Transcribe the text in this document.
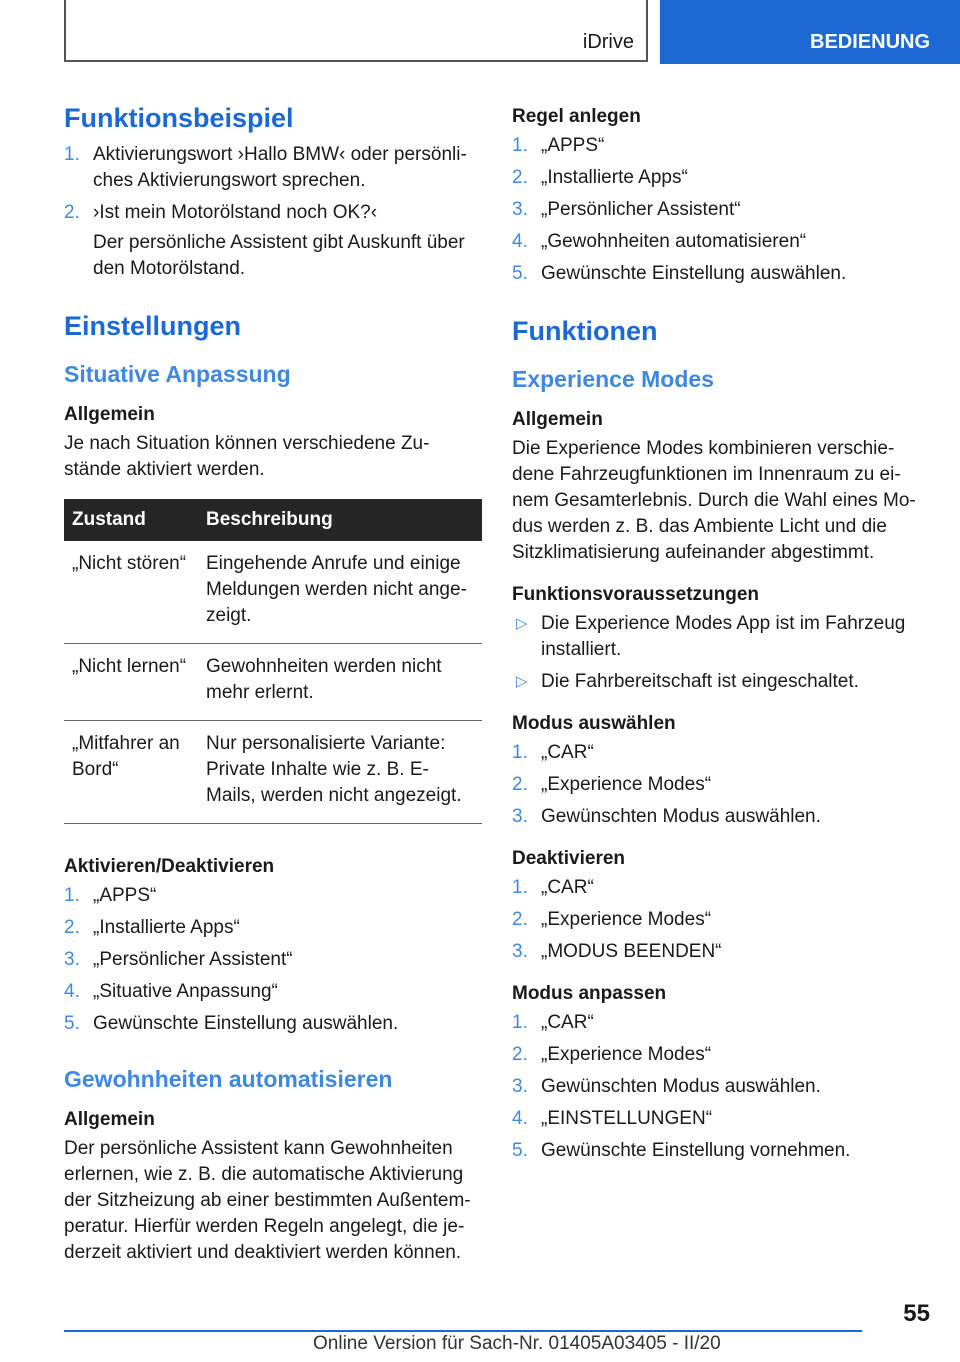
iDrive	BEDIENUNG
Funktionsbeispiel
1. Aktivierungswort ›Hallo BMW‹ oder persönli‐ ches Aktivierungswort sprechen.
2. ›Ist mein Motorölstand noch OK?‹
Der persönliche Assistent gibt Auskunft über den Motorölstand.
Einstellungen
Situative Anpassung
Allgemein

Je nach Situation können verschiedene Zu‐ stände aktiviert werden.

Zustand	Beschreibung
„Nicht stören“	Eingehende Anrufe und einige Meldungen werden nicht ange‐ zeigt.
„Nicht lernen“	Gewohnheiten werden nicht mehr erlernt.
„Mitfahrer an Bord“	Nur personalisierte Variante: Private Inhalte wie z. B. E-Mails, werden nicht angezeigt.
Aktivieren/Deaktivieren
1. „APPS“
2. „Installierte Apps“
3. „Persönlicher Assistent“
4. „Situative Anpassung“
5. Gewünschte Einstellung auswählen.
Gewohnheiten automatisieren
Allgemein

Der persönliche Assistent kann Gewohnheiten erlernen, wie z. B. die automatische Aktivierung der Sitzheizung ab einer bestimmten Außentem‐ peratur. Hierfür werden Regeln angelegt, die je‐ derzeit aktiviert und deaktiviert werden können.

Regel anlegen
1. „APPS“
2. „Installierte Apps“
3. „Persönlicher Assistent“
4. „Gewohnheiten automatisieren“
5. Gewünschte Einstellung auswählen.
Funktionen
Experience Modes
Allgemein

Die Experience Modes kombinieren verschie‐ dene Fahrzeugfunktionen im Innenraum zu ei‐ nem Gesamterlebnis. Durch die Wahl eines Mo‐ dus werden z. B. das Ambiente Licht und die Sitzklimatisierung aufeinander abgestimmt.

Funktionsvoraussetzungen
▷ Die Experience Modes App ist im Fahrzeug installiert.
▷ Die Fahrbereitschaft ist eingeschaltet.
Modus auswählen
1. „CAR“
2. „Experience Modes“
3. Gewünschten Modus auswählen.
Deaktivieren
1. „CAR“
2. „Experience Modes“
3. „MODUS BEENDEN“
Modus anpassen
1. „CAR“
2. „Experience Modes“
3. Gewünschten Modus auswählen.
4. „EINSTELLUNGEN“
5. Gewünschte Einstellung vornehmen.
55
Online Version für Sach-Nr. 01405A03405 - II/20
